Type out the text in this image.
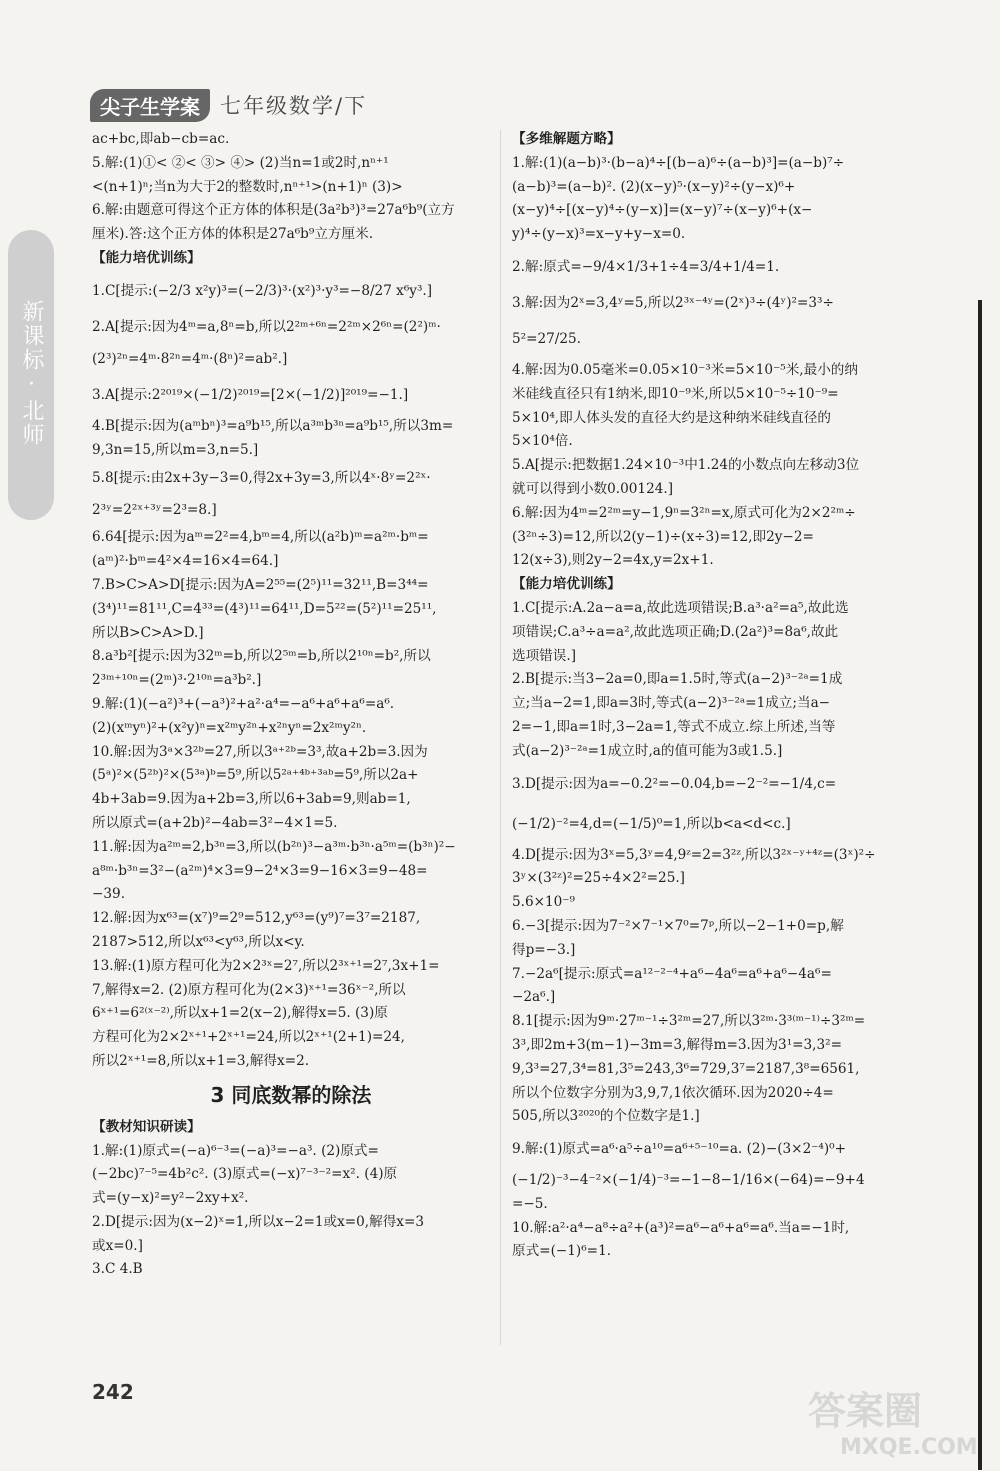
新课标·北师
尖子生学案 七年级数学/下
ac+bc,即ab−cb=ac.
5.解:(1)①< ②< ③> ④> (2)当n=1或2时,nⁿ⁺¹
<(n+1)ⁿ;当n为大于2的整数时,nⁿ⁺¹>(n+1)ⁿ (3)>
6.解:由题意可得这个正方体的体积是(3a²b³)³=27a⁶b⁹(立方
厘米).答:这个正方体的体积是27a⁶b⁹立方厘米.
【能力培优训练】
1.C[提示:(−2/3 x²y)³=(−2/3)³·(x²)³·y³=−8/27 x⁶y³.]
2.A[提示:因为4ᵐ=a,8ⁿ=b,所以2²ᵐ⁺⁶ⁿ=2²ᵐ×2⁶ⁿ=(2²)ᵐ·
(2³)²ⁿ=4ᵐ·8²ⁿ=4ᵐ·(8ⁿ)²=ab².]
3.A[提示:2²⁰¹⁹×(−1/2)²⁰¹⁹=[2×(−1/2)]²⁰¹⁹=−1.]
4.B[提示:因为(aᵐbⁿ)³=a⁹b¹⁵,所以a³ᵐb³ⁿ=a⁹b¹⁵,所以3m=
9,3n=15,所以m=3,n=5.]
5.8[提示:由2x+3y−3=0,得2x+3y=3,所以4ˣ·8ʸ=2²ˣ·
2³ʸ=2²ˣ⁺³ʸ=2³=8.]
6.64[提示:因为aᵐ=2²=4,bᵐ=4,所以(a²b)ᵐ=a²ᵐ·bᵐ=
(aᵐ)²·bᵐ=4²×4=16×4=64.]
7.B>C>A>D[提示:因为A=2⁵⁵=(2⁵)¹¹=32¹¹,B=3⁴⁴=
(3⁴)¹¹=81¹¹,C=4³³=(4³)¹¹=64¹¹,D=5²²=(5²)¹¹=25¹¹,
所以B>C>A>D.]
8.a³b²[提示:因为32ᵐ=b,所以2⁵ᵐ=b,所以2¹⁰ⁿ=b²,所以
2³ᵐ⁺¹⁰ⁿ=(2ᵐ)³·2¹⁰ⁿ=a³b².]
9.解:(1)(−a²)³+(−a³)²+a²·a⁴=−a⁶+a⁶+a⁶=a⁶.
(2)(xᵐyⁿ)²+(x²y)ⁿ=x²ᵐy²ⁿ+x²ⁿyⁿ=2x²ᵐy²ⁿ.
10.解:因为3ᵃ×3²ᵇ=27,所以3ᵃ⁺²ᵇ=3³,故a+2b=3.因为
(5ᵃ)²×(5²ᵇ)²×(5³ᵃ)ᵇ=5⁹,所以5²ᵃ⁺⁴ᵇ⁺³ᵃᵇ=5⁹,所以2a+
4b+3ab=9.因为a+2b=3,所以6+3ab=9,则ab=1,
所以原式=(a+2b)²−4ab=3²−4×1=5.
11.解:因为a²ᵐ=2,b³ⁿ=3,所以(b²ⁿ)³−a³ᵐ·b³ⁿ·a⁵ᵐ=(b³ⁿ)²−
a⁸ᵐ·b³ⁿ=3²−(a²ᵐ)⁴×3=9−2⁴×3=9−16×3=9−48=
−39.
12.解:因为x⁶³=(x⁷)⁹=2⁹=512,y⁶³=(y⁹)⁷=3⁷=2187,
2187>512,所以x⁶³<y⁶³,所以x<y.
13.解:(1)原方程可化为2×2³ˣ=2⁷,所以2³ˣ⁺¹=2⁷,3x+1=
7,解得x=2. (2)原方程可化为(2×3)ˣ⁺¹=36ˣ⁻²,所以
6ˣ⁺¹=6²⁽ˣ⁻²⁾,所以x+1=2(x−2),解得x=5. (3)原
方程可化为2×2ˣ⁺¹+2ˣ⁺¹=24,所以2ˣ⁺¹(2+1)=24,
所以2ˣ⁺¹=8,所以x+1=3,解得x=2.
3 同底数幂的除法
【教材知识研读】
1.解:(1)原式=(−a)⁶⁻³=(−a)³=−a³. (2)原式=
(−2bc)⁷⁻⁵=4b²c². (3)原式=(−x)⁷⁻³⁻²=x². (4)原
式=(y−x)²=y²−2xy+x².
2.D[提示:因为(x−2)ˣ=1,所以x−2=1或x=0,解得x=3
或x=0.]
3.C 4.B
【多维解题方略】
1.解:(1)(a−b)³·(b−a)⁴÷[(b−a)⁶÷(a−b)³]=(a−b)⁷÷
(a−b)³=(a−b)². (2)(x−y)⁵·(x−y)²÷(y−x)⁶+
(x−y)⁴÷[(x−y)⁴÷(y−x)]=(x−y)⁷÷(x−y)⁶+(x−
y)⁴÷(y−x)³=x−y+y−x=0.
2.解:原式=−9/4×1/3+1÷4=3/4+1/4=1.
3.解:因为2ˣ=3,4ʸ=5,所以2³ˣ⁻⁴ʸ=(2ˣ)³÷(4ʸ)²=3³÷
5²=27/25.
4.解:因为0.05毫米=0.05×10⁻³米=5×10⁻⁵米,最小的纳
米硅线直径只有1纳米,即10⁻⁹米,所以5×10⁻⁵÷10⁻⁹=
5×10⁴,即人体头发的直径大约是这种纳米硅线直径的
5×10⁴倍.
5.A[提示:把数据1.24×10⁻³中1.24的小数点向左移动3位
就可以得到小数0.00124.]
6.解:因为4ᵐ=2²ᵐ=y−1,9ⁿ=3²ⁿ=x,原式可化为2×2²ᵐ÷
(3²ⁿ÷3)=12,所以2(y−1)÷(x÷3)=12,即2y−2=
12(x÷3),则2y−2=4x,y=2x+1.
【能力培优训练】
1.C[提示:A.2a−a=a,故此选项错误;B.a³·a²=a⁵,故此选
项错误;C.a³÷a=a²,故此选项正确;D.(2a²)³=8a⁶,故此
选项错误.]
2.B[提示:当3−2a=0,即a=1.5时,等式(a−2)³⁻²ᵃ=1成
立;当a−2=1,即a=3时,等式(a−2)³⁻²ᵃ=1成立;当a−
2=−1,即a=1时,3−2a=1,等式不成立.综上所述,当等
式(a−2)³⁻²ᵃ=1成立时,a的值可能为3或1.5.]
3.D[提示:因为a=−0.2²=−0.04,b=−2⁻²=−1/4,c=
(−1/2)⁻²=4,d=(−1/5)⁰=1,所以b<a<d<c.]
4.D[提示:因为3ˣ=5,3ʸ=4,9ᶻ=2=3²ᶻ,所以3²ˣ⁻ʸ⁺⁴ᶻ=(3ˣ)²÷
3ʸ×(3²ᶻ)²=25÷4×2²=25.]
5.6×10⁻⁹
6.−3[提示:因为7⁻²×7⁻¹×7⁰=7ᵖ,所以−2−1+0=p,解
得p=−3.]
7.−2a⁶[提示:原式=a¹²⁻²⁻⁴+a⁶−4a⁶=a⁶+a⁶−4a⁶=
−2a⁶.]
8.1[提示:因为9ᵐ·27ᵐ⁻¹÷3²ᵐ=27,所以3²ᵐ·3³⁽ᵐ⁻¹⁾÷3²ᵐ=
3³,即2m+3(m−1)−3m=3,解得m=3.因为3¹=3,3²=
9,3³=27,3⁴=81,3⁵=243,3⁶=729,3⁷=2187,3⁸=6561,
所以个位数字分别为3,9,7,1依次循环.因为2020÷4=
505,所以3²⁰²⁰的个位数字是1.]
9.解:(1)原式=a⁶·a⁵÷a¹⁰=a⁶⁺⁵⁻¹⁰=a. (2)−(3×2⁻⁴)⁰+
(−1/2)⁻³−4⁻²×(−1/4)⁻³=−1−8−1/16×(−64)=−9+4
=−5.
10.解:a²·a⁴−a⁸÷a²+(a³)²=a⁶−a⁶+a⁶=a⁶.当a=−1时,
原式=(−1)⁶=1.
242	答案圈
MXQE.COM
